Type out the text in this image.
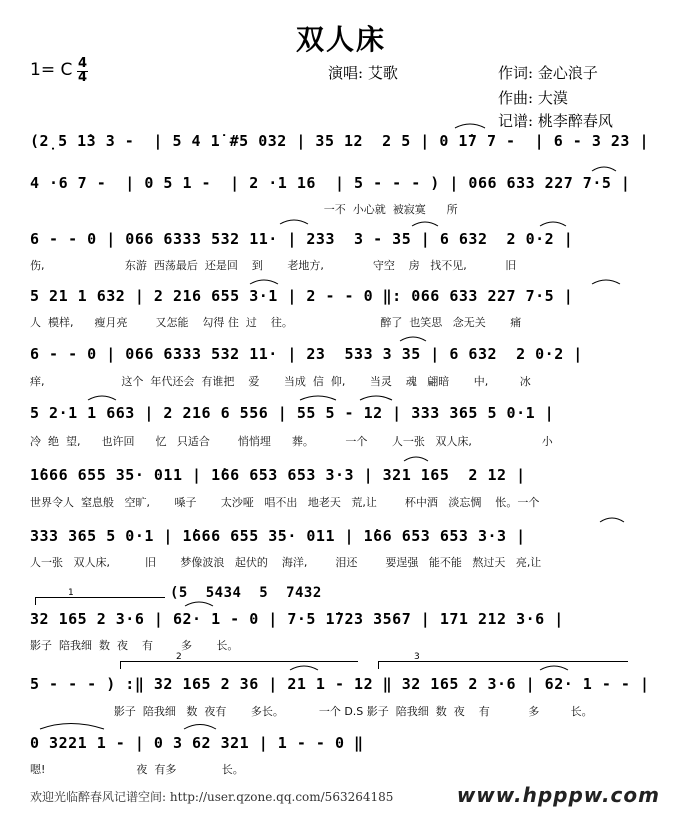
双人床
1= C 4
4	演唱: 艾歌	作词: 金心浪子
作曲: 大漠
记谱: 桃李醉春风
(2̣5 1̇3 3 -  | 5 4 1̇ #5 032 | 35 12  2 5 | 0 1̇7 7 -  | 6 - 3 23 |
4 ·6 7 -  | 0 5 1 -  | 2 ·1 16  | 5 - - - ) | 066 633 227 7·5 |
一不  小心就  被寂寞      所
6 - - 0 | 066 6333 532 11· | 233  3 - 35 | 6 632  2 0·2 |
伤,                       东游  西荡最后  还是回    到       老地方,              守空    房   找不见,           旧
5 21 1 632 | 2 216 655 3·1 | 2 - - 0 ‖: 066 633 227 7·5 |
人  模样,      瘦月亮        又怎能    勾得 住  过    往。                         醉了  也笑思   念无关       痛
6 - - 0 | 066 6333 532 11· | 23  533 3 35 | 6 632  2 0·2 |
痒,                      这个  年代还会  有谁把    爱       当成  信  仰,       当灵    魂   翩暗       中,         冰
5 2·1 1 663 | 2 216 6 556 | 55 5 - 12 | 333 365 5 0·1 |
冷  绝  望,      也许回      忆   只适合        悄悄埋      葬。         一个       人一张   双人床,                    小
1̇666 655 35· 011 | 1̇66 653 653 3·3 | 321 165  2 12 |
世界令人  窒息般   空旷,       嗓子       太沙哑   唱不出   地老天   荒,让        杯中酒   淡忘惆    怅。一个
333 365 5 0·1 | 1̇666 655 35· 011 | 1̇66 653 653 3·3 |
人一张   双人床,          旧       梦像波浪   起伏的    海洋,        泪还        要逞强   能不能   熬过天   亮,让
(5  5434  5  7432
32 165 2 3·6 | 62· 1 - 0 | 7·5 1̇723 3567 | 171 212 3·6 |
影子  陪我细  数  夜    有        多       长。
5 - - - ) :‖ 32 165 2 36 | 21 1 - 12 ‖ 32 165 2 3·6 | 62· 1 - - |
影子  陪我细   数  夜有       多长。          一个 D.S 影子  陪我细  数  夜    有           多         长。
0 3221 1 - | 0 3 62 321 | 1 - - 0 ‖
嗯!                          夜  有多             长。
1
2	3
欢迎光临醉春风记谱空间: http://user.qzone.qq.com/563264185	www.hpppw.com
